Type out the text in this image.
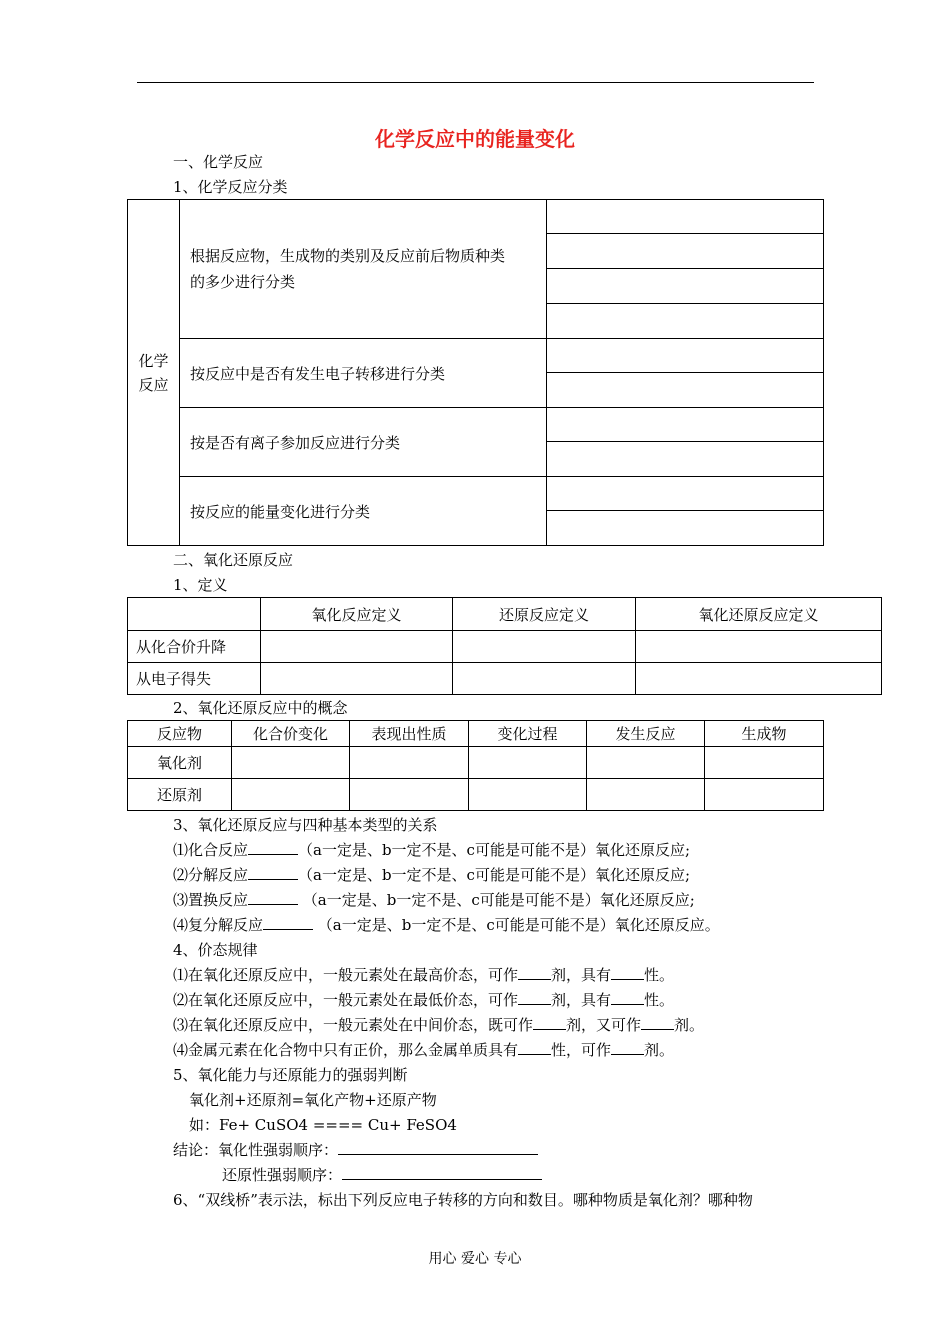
化学反应中的能量变化
一、化学反应
1、化学反应分类
化学
反应	根据反应物，生成物的类别及反应前后物质种类
的多少进行分类	

	按反应中是否有发生电子转移进行分类	

	按是否有离子参加反应进行分类	

	按反应的能量变化进行分类	

二、氧化还原反应
1、定义
	氧化反应定义	还原反应定义	氧化还原反应定义
从化合价升降			
从电子得失			
2、氧化还原反应中的概念
反应物	化合价变化	表现出性质	变化过程	发生反应	生成物
氧化剂					
还原剂					
3、氧化还原反应与四种基本类型的关系
⑴化合反应	（a一定是、b一定不是、c可能是可能不是）氧化还原反应;
⑵分解反应	（a一定是、b一定不是、c可能是可能不是）氧化还原反应;
⑶置换反应	（a一定是、b一定不是、c可能是可能不是）氧化还原反应;
⑷复分解反应	（a一定是、b一定不是、c可能是可能不是）氧化还原反应。
4、价态规律
⑴在氧化还原反应中，一般元素处在最高价态，可作 剂，具有 性。
⑵在氧化还原反应中，一般元素处在最低价态，可作 剂，具有 性。
⑶在氧化还原反应中，一般元素处在中间价态，既可作 剂，又可作 剂。
⑷金属元素在化合物中只有正价，那么金属单质具有 性，可作 剂。
5、氧化能力与还原能力的强弱判断
氧化剂+还原剂=氧化产物+还原产物
如：Fe+ CuSO4 ==== Cu+ FeSO4
结论：氧化性强弱顺序：
还原性强弱顺序：
6、“双线桥”表示法，标出下列反应电子转移的方向和数目。哪种物质是氧化剂？哪种物
用心 爱心 专心
